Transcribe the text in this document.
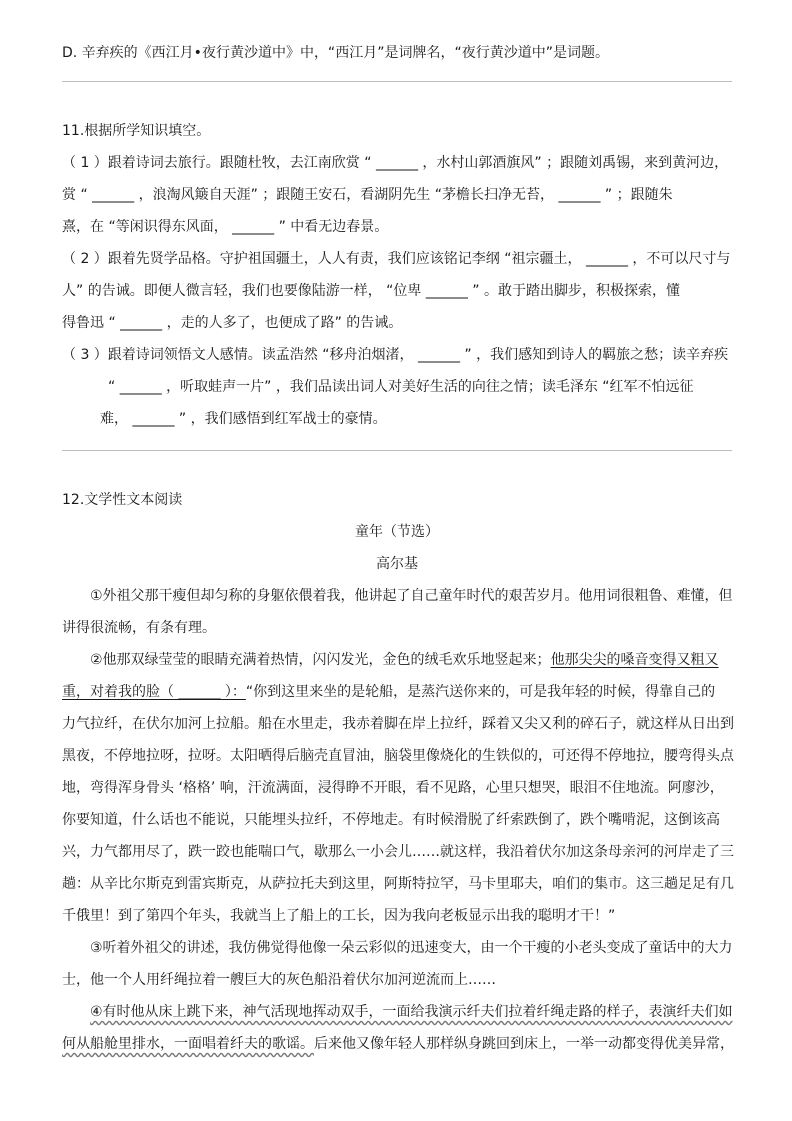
D. 辛弃疾的《西江月•夜行黄沙道中》中，“西江月”是词牌名，“夜行黄沙道中”是词题。
11.根据所学知识填空。
（ 1 ）跟着诗词去旅行。跟随杜牧，去江南欣赏 “ ______ ，水村山郭酒旗风” ；跟随刘禹锡，来到黄河边，
赏 “ ______ ，浪淘风簸自天涯” ；跟随王安石，看湖阴先生 “茅檐长扫净无苔， ______ ” ；跟随朱
熹，在 “等闲识得东风面， ______ ” 中看无边春景。
（ 2 ）跟着先贤学品格。守护祖国疆土，人人有责，我们应该铭记李纲 “祖宗疆土， ______ ，不可以尺寸与
人” 的告诫。即便人微言轻，我们也要像陆游一样， “位卑 ______ ” 。敢于踏出脚步，积极探索，懂
得鲁迅 “ ______ ，走的人多了，也便成了路” 的告诫。
（ 3 ）跟着诗词领悟文人感情。读孟浩然 “移舟泊烟渚， ______ ” ，我们感知到诗人的羁旅之愁；读辛弃疾
“ ______ ，听取蛙声一片” ，我们品读出词人对美好生活的向往之情；读毛泽东 “红军不怕远征
难， ______ ” ，我们感悟到红军战士的豪情。
12.文学性文本阅读
童年（节选）
高尔基
①外祖父那干瘦但却匀称的身躯依偎着我，他讲起了自己童年时代的艰苦岁月。他用词很粗鲁、难懂，但
讲得很流畅，有条有理。
②他那双绿莹莹的眼睛充满着热情，闪闪发光，金色的绒毛欢乐地竖起来；他那尖尖的嗓音变得又粗又
重，对着我的脸（ ______ ）：“你到这里来坐的是轮船，是蒸汽送你来的，可是我年轻的时候，得靠自己的
力气拉纤，在伏尔加河上拉船。船在水里走，我赤着脚在岸上拉纤，踩着又尖又利的碎石子，就这样从日出到
黑夜，不停地拉呀，拉呀。太阳晒得后脑壳直冒油，脑袋里像烧化的生铁似的，可还得不停地拉，腰弯得头点
地，弯得浑身骨头 ‘格格’ 响，汗流满面，浸得睁不开眼，看不见路，心里只想哭，眼泪不住地流。阿廖沙，
你要知道，什么话也不能说，只能埋头拉纤，不停地走。有时候滑脱了纤索跌倒了，跌个嘴啃泥，这倒该高
兴，力气都用尽了，跌一跤也能喘口气，歇那么一小会儿……就这样，我沿着伏尔加这条母亲河的河岸走了三
趟：从辛比尔斯克到雷宾斯克，从萨拉托夫到这里，阿斯特拉罕，马卡里耶夫，咱们的集市。这三趟足足有几
千俄里！到了第四个年头，我就当上了船上的工长，因为我向老板显示出我的聪明才干！”
③听着外祖父的讲述，我仿佛觉得他像一朵云彩似的迅速变大，由一个干瘦的小老头变成了童话中的大力
士，他一个人用纤绳拉着一艘巨大的灰色船沿着伏尔加河逆流而上……
④有时他从床上跳下来，神气活现地挥动双手，一面给我演示纤夫们拉着纤绳走路的样子，表演纤夫们如
何从船舱里排水，一面唱着纤夫的歌谣。后来他又像年轻人那样纵身跳回到床上，一举一动都变得优美异常，
